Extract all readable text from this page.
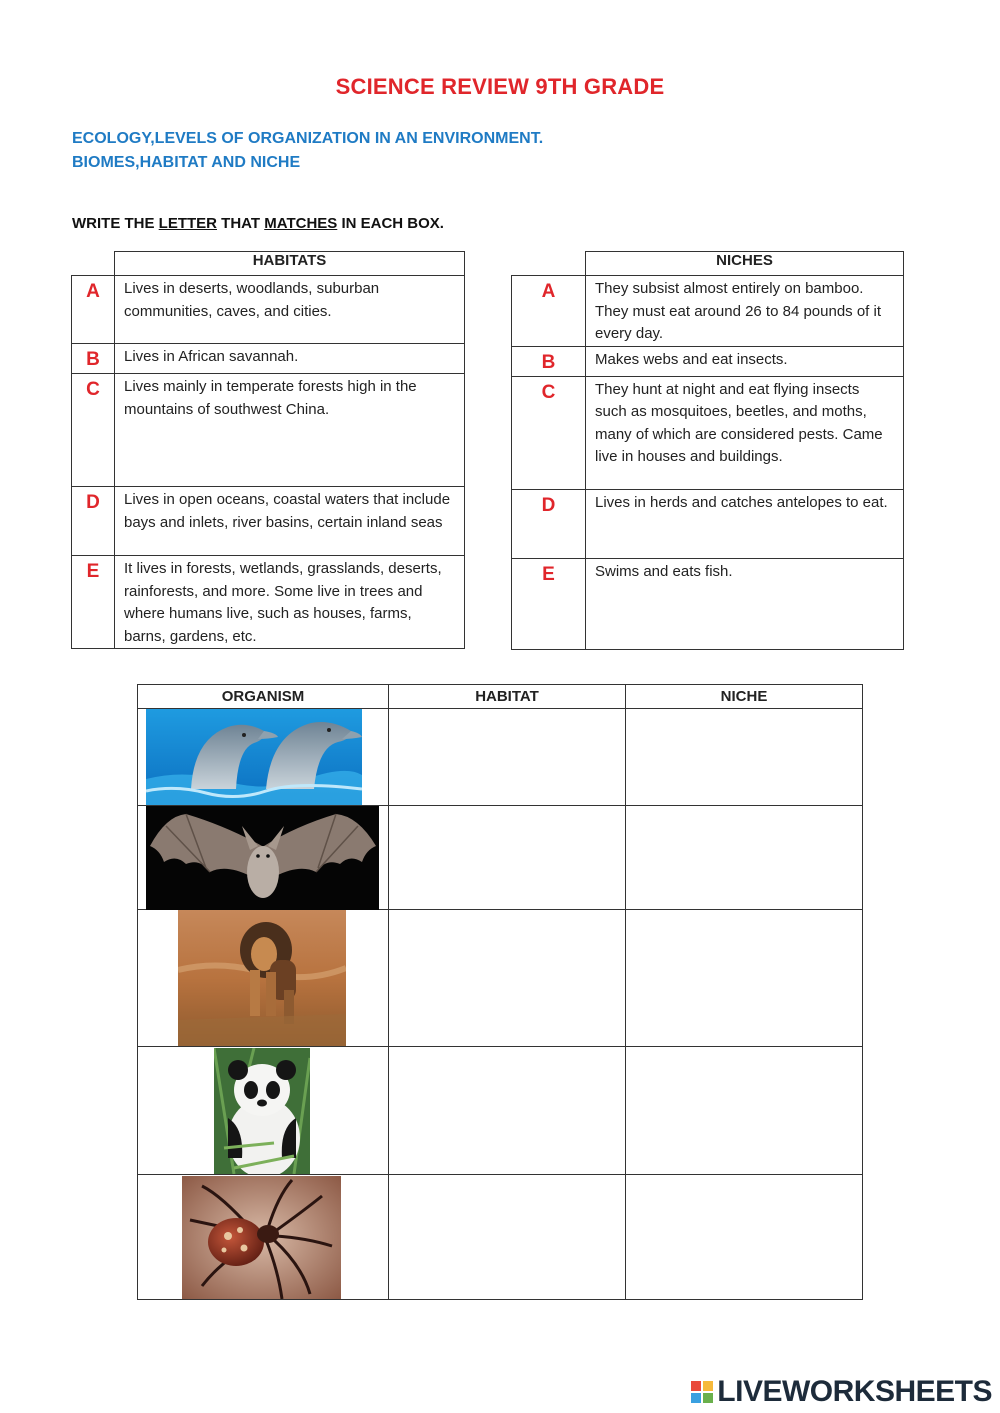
SCIENCE REVIEW 9TH GRADE
ECOLOGY,LEVELS OF ORGANIZATION IN AN ENVIRONMENT.
BIOMES,HABITAT AND NICHE
WRITE THE LETTER THAT MATCHES IN EACH BOX.
	HABITATS
A	Lives in deserts, woodlands, suburban communities, caves, and cities.
B	Lives in African savannah.
C	Lives mainly in temperate forests high in the mountains of southwest China.
D	Lives in open oceans, coastal waters that include bays and inlets, river basins, certain inland seas
E	It lives in forests, wetlands, grasslands, deserts, rainforests, and more. Some live in trees and where humans live, such as houses, farms, barns, gardens, etc.
	NICHES
A	They subsist almost entirely on bamboo. They must eat around 26 to 84 pounds of it every day.
B	Makes webs and eat insects.
C	They hunt at night and eat flying insects such as mosquitoes, beetles, and moths, many of which are considered pests. Came live in houses and buildings.
D	Lives in herds and catches antelopes to eat.
E	Swims and eats fish.
ORGANISM	HABITAT	NICHE

LIVEWORKSHEETS
